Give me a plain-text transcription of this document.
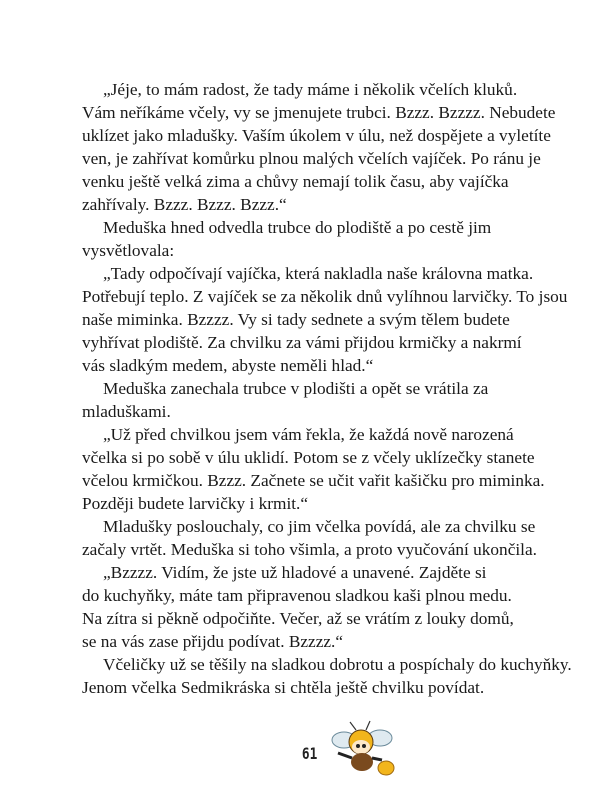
„Jéje, to mám radost, že tady máme i několik včelích kluků.
Vám neříkáme včely, vy se jmenujete trubci. Bzzz. Bzzzz. Nebudete
uklízet jako mladušky. Vaším úkolem v úlu, než dospějete a vyletíte
ven, je zahřívat komůrku plnou malých včelích vajíček. Po ránu je
venku ještě velká zima a chůvy nemají tolik času, aby vajíčka
zahřívaly. Bzzz. Bzzz. Bzzz.“
Meduška hned odvedla trubce do plodiště a po cestě jim
vysvětlovala:
„Tady odpočívají vajíčka, která nakladla naše královna matka.
Potřebují teplo. Z vajíček se za několik dnů vylíhnou larvičky. To jsou
naše miminka. Bzzzz. Vy si tady sednete a svým tělem budete
vyhřívat plodiště. Za chvilku za vámi přijdou krmičky a nakrmí
vás sladkým medem, abyste neměli hlad.“
Meduška zanechala trubce v plodišti a opět se vrátila za
mladuškami.
„Už před chvilkou jsem vám řekla, že každá nově narozená
včelka si po sobě v úlu uklidí. Potom se z včely uklízečky stanete
včelou krmičkou. Bzzz. Začnete se učit vařit kašičku pro miminka.
Později budete larvičky i krmit.“
Mladušky poslouchaly, co jim včelka povídá, ale za chvilku se
začaly vrtět. Meduška si toho všimla, a proto vyučování ukončila.
„Bzzzz. Vidím, že jste už hladové a unavené. Zajděte si
do kuchyňky, máte tam připravenou sladkou kaši plnou medu.
Na zítra si pěkně odpočiňte. Večer, až se vrátím z louky domů,
se na vás zase přijdu podívat. Bzzzz.“
Včeličky už se těšily na sladkou dobrotu a pospíchaly do kuchyňky.
Jenom včelka Sedmikráska si chtěla ještě chvilku povídat.
61
